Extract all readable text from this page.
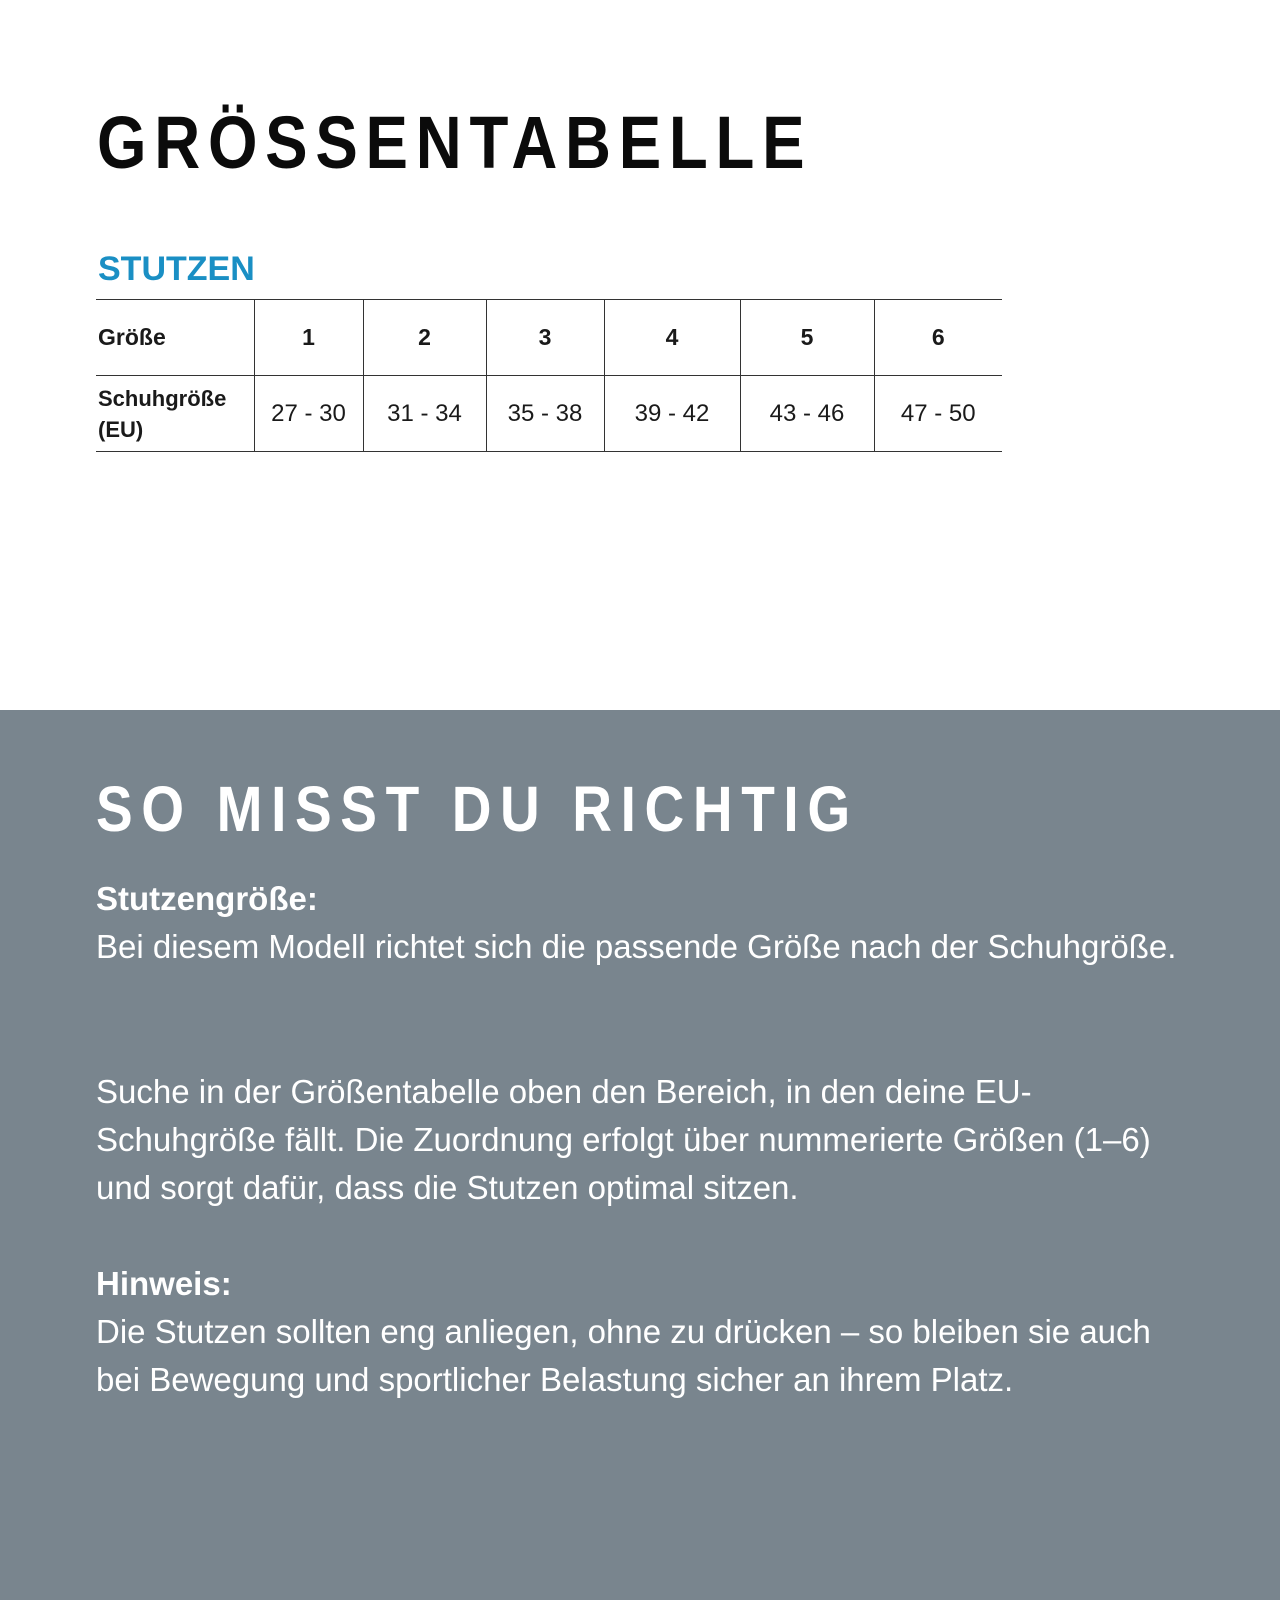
GRÖSSENTABELLE
STUTZEN
Größe	1	2	3	4	5	6
Schuhgröße
(EU)	27 - 30	31 - 34	35 - 38	39 - 42	43 - 46	47 - 50
SO MISST DU RICHTIG
Stutzengröße:
Bei diesem Modell richtet sich die passende Größe nach der Schuhgröße.
Suche in der Größentabelle oben den Bereich, in den deine EU-Schuhgröße fällt. Die Zuordnung erfolgt über nummerierte Größen (1–6) und sorgt dafür, dass die Stutzen optimal sitzen.
Hinweis:
Die Stutzen sollten eng anliegen, ohne zu drücken – so bleiben sie auch bei Bewegung und sportlicher Belastung sicher an ihrem Platz.
